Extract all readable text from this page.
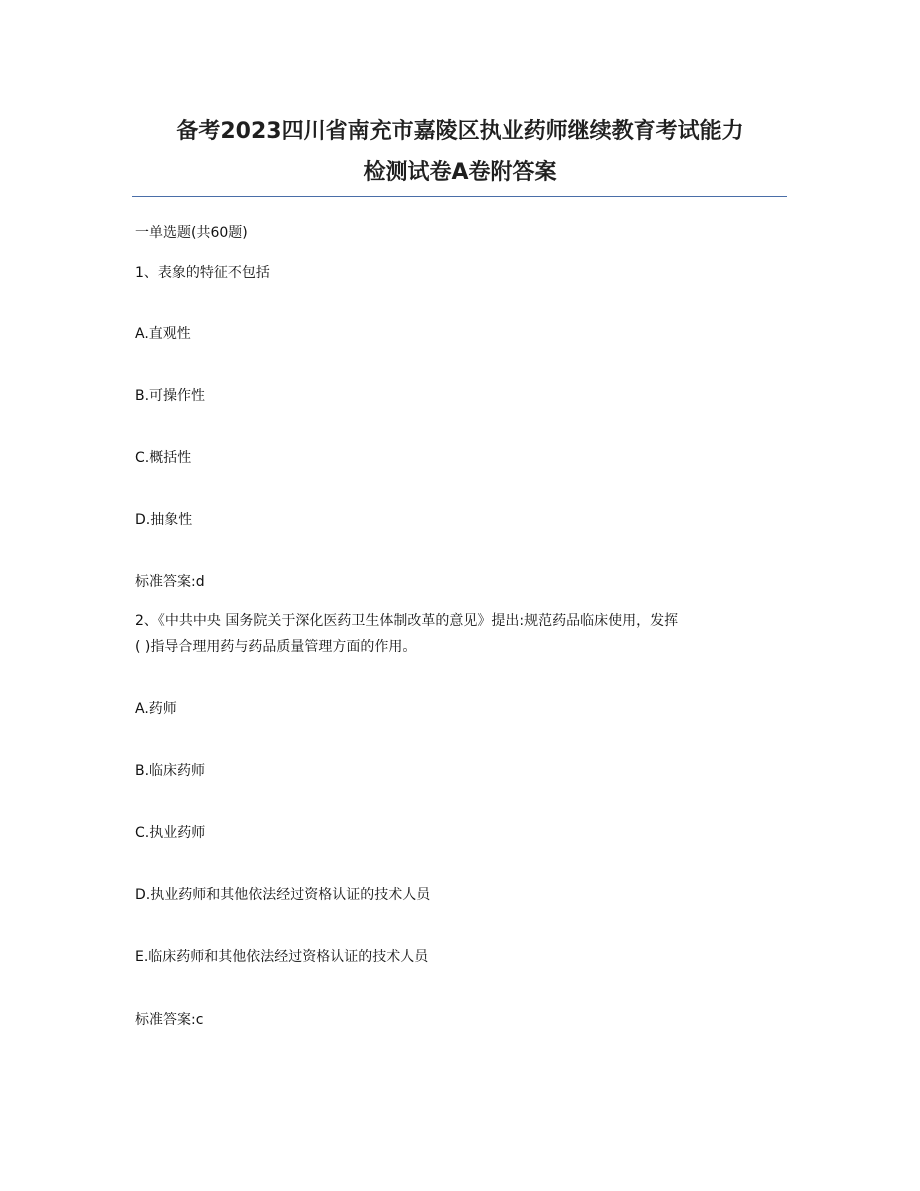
备考2023四川省南充市嘉陵区执业药师继续教育考试能力
检测试卷A卷附答案
一单选题(共60题)
1、表象的特征不包括
A.直观性
B.可操作性
C.概括性
D.抽象性
标准答案:d
2、《中共中央 国务院关于深化医药卫生体制改革的意见》提出:规范药品临床使用，发挥
( )指导合理用药与药品质量管理方面的作用。
A.药师
B.临床药师
C.执业药师
D.执业药师和其他依法经过资格认证的技术人员
E.临床药师和其他依法经过资格认证的技术人员
标准答案:c
